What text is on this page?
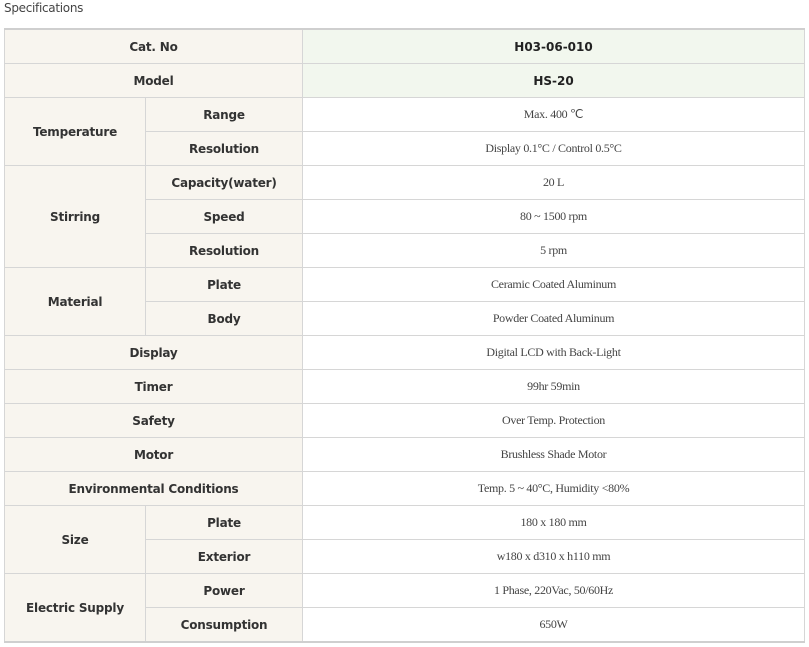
Specifications
Cat. No		H03-06-010
Model		HS-20
Temperature	Range	Max. 400 ℃
	Resolution	Display 0.1°C / Control 0.5°C
Stirring	Capacity(water)	20 L
	Speed	80 ~ 1500 rpm
	Resolution	5 rpm
Material	Plate	Ceramic Coated Aluminum
	Body	Powder Coated Aluminum
Display		Digital LCD with Back-Light
Timer		99hr 59min
Safety		Over Temp. Protection
Motor		Brushless Shade Motor
Environmental Conditions		Temp. 5 ~ 40°C, Humidity <80%
Size	Plate	180 x 180 mm
	Exterior	w180 x d310 x h110 mm
Electric Supply	Power	1 Phase, 220Vac, 50/60Hz
	Consumption	650W
